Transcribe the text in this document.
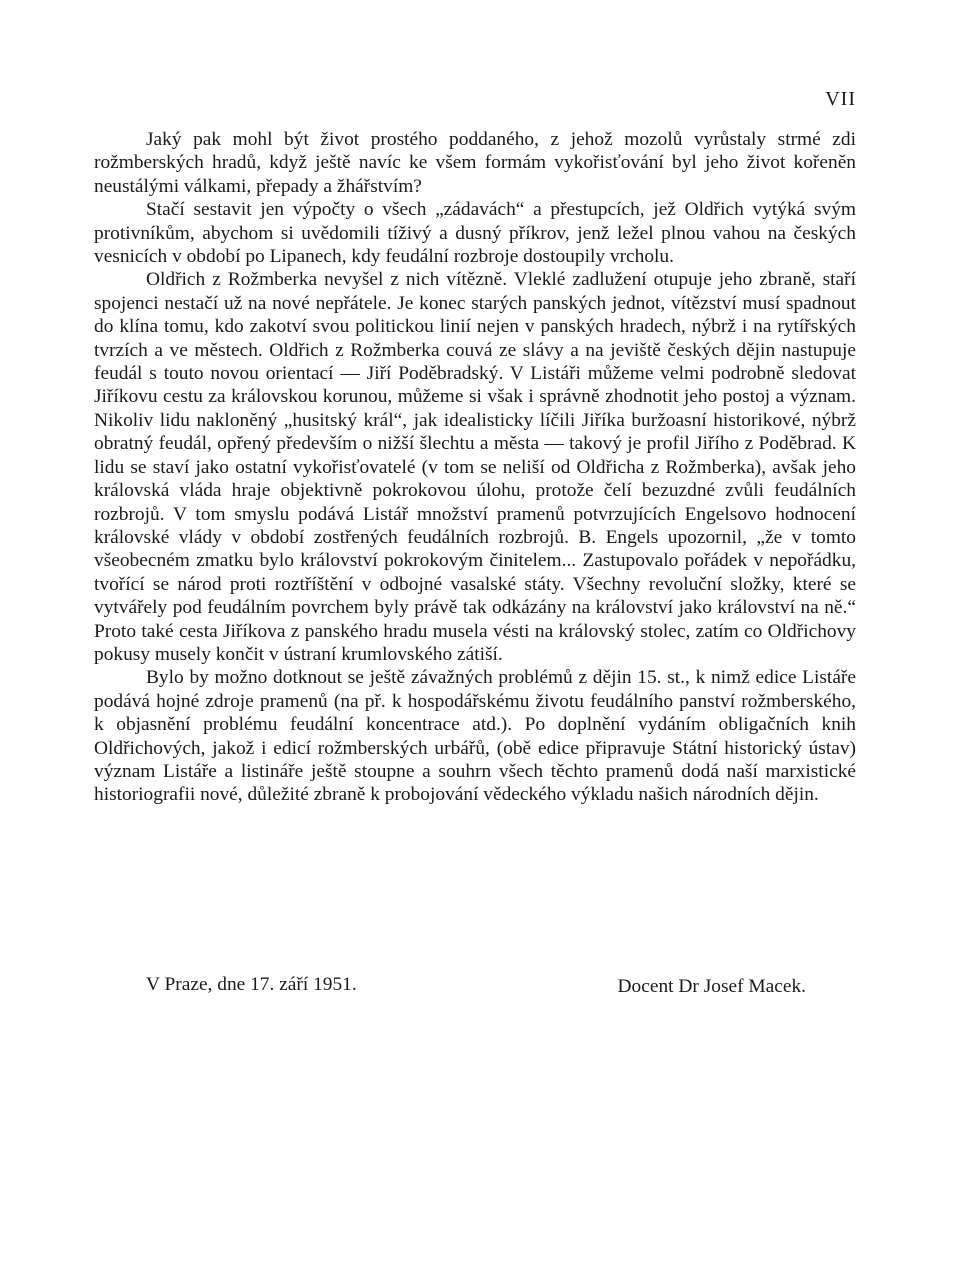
VII

Jaký pak mohl být život prostého poddaného, z jehož mozolů vyrůstaly strmé zdi rožmberských hradů, když ještě navíc ke všem formám vykořisťování byl jeho život kořeněn neustálými válkami, přepady a žhářstvím?

Stačí sestavit jen výpočty o všech „zádavách“ a přestupcích, jež Oldřich vytýká svým protivníkům, abychom si uvědomili tíživý a dusný příkrov, jenž ležel plnou vahou na českých vesnicích v období po Lipanech, kdy feudální rozbroje dostoupily vrcholu.

Oldřich z Rožmberka nevyšel z nich vítězně. Vleklé zadlužení otupuje jeho zbraně, staří spojenci nestačí už na nové nepřátele. Je konec starých panských jednot, vítězství musí spadnout do klína tomu, kdo zakotví svou politickou linií nejen v panských hradech, nýbrž i na rytířských tvrzích a ve městech. Oldřich z Rožmberka couvá ze slávy a na jeviště českých dějin nastupuje feudál s touto novou orientací — Jiří Poděbradský. V Listáři můžeme velmi podrobně sledovat Jiříkovu cestu za královskou korunou, můžeme si však i správně zhodnotit jeho postoj a význam. Nikoliv lidu nakloněný „husitský král“, jak idealisticky líčili Jiříka buržoasní historikové, nýbrž obratný feudál, opřený především o nižší šlechtu a města — takový je profil Jiřího z Poděbrad. K lidu se staví jako ostatní vykořisťovatelé (v tom se neliší od Oldřicha z Rožmberka), avšak jeho královská vláda hraje objektivně pokrokovou úlohu, protože čelí bezuzdné zvůli feudálních rozbrojů. V tom smyslu podává Listář množství pramenů potvrzujících Engelsovo hodnocení královské vlády v období zostřených feudálních rozbrojů. B. Engels upozornil, „že v tomto všeobecném zmatku bylo království pokrokovým činitelem... Zastupovalo pořádek v nepořádku, tvořící se národ proti roztříštění v odbojné vasalské státy. Všechny revoluční složky, které se vytvářely pod feudálním povrchem byly právě tak odkázány na království jako království na ně.“ Proto také cesta Jiříkova z panského hradu musela vésti na královský stolec, zatím co Oldřichovy pokusy musely končit v ústraní krumlovského zátiší.

Bylo by možno dotknout se ještě závažných problémů z dějin 15. st., k nimž edice Listáře podává hojné zdroje pramenů (na př. k hospodářskému životu feudálního panství rožmberského, k objasnění problému feudální koncentrace atd.). Po doplnění vydáním obligačních knih Oldřichových, jakož i edicí rožmberských urbářů, (obě edice připravuje Státní historický ústav) význam Listáře a listináře ještě stoupne a souhrn všech těchto pramenů dodá naší marxistické historiografii nové, důležité zbraně k probojování vědeckého výkladu našich národních dějin.

V Praze, dne 17. září 1951.	Docent Dr Josef Macek.
